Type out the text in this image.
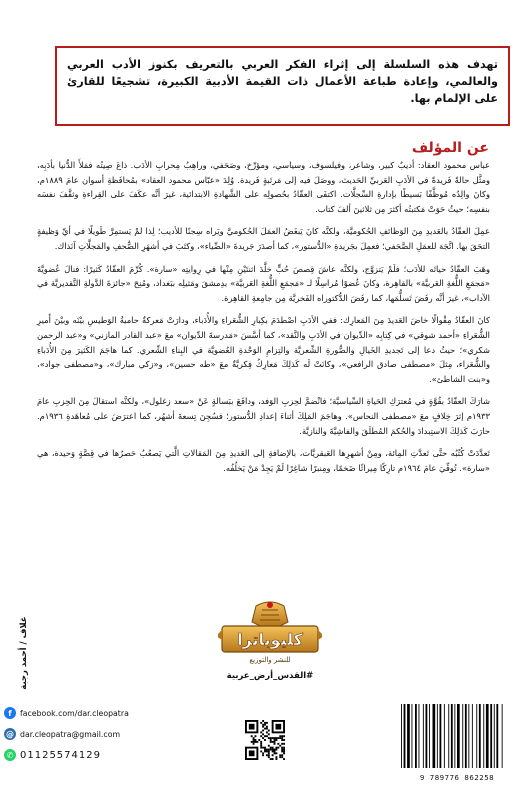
تهدف هذه السلسلة إلى إثراء الفكر العربي بالتعريف بكنوز الأدب العربي والعالمي، وإعادة طباعة الأعمال ذات القيمة الأدبية الكبيرة، تشجيعًا للقارئ على الإلمام بها.
عن المؤلف

عباس محمود العقاد: أديبٌ كبير، وشاعر، وفيلسوف، وسياسي، ومؤرِّخ، وصَحَفي، وراهِبُ مِحرابِ الأدَب. ذاعَ صِيتُه فمَلأَ الدُّنيا بأدَبِه، ومثَّل حالةً فَريدةً في الأدَبِ العَربيِّ الحَديث، ووصَلَ فيه إلى مَرتَبةٍ فَريدة. وُلِدَ «عبّاس محمود العقاد» بمُحافَظةِ أسوان عامَ ١٨٨٩م، وكانَ والِدُه مُوظَّفًا بَسيطًا بإدارةِ السِّجلَّات. اكتفَى العقّادُ بحُصولِه على الشَّهادةِ الابتدائية، غيرَ أنَّه عكَفَ على القِراءةِ وثقَّفَ نفسَه بنفسِه؛ حيثُ حَوَتْ مَكتبتُه أكثرَ مِن ثلاثينَ ألفَ كتاب.

عمِلَ العقّادُ بالعَديدِ مِنَ الوَظائفِ الحُكوميَّة، ولكنَّه كانَ يَبغَضُ العمَلَ الحُكوميَّ ويَراه سِجنًا للأديب؛ لِذا لمْ يَستمِرَّ طَويلًا في أيِّ وَظيفةٍ التحَقَ بها. اتَّجَهَ للعمَلِ الصَّحَفي؛ فعمِلَ بجَريدةِ «الدُّستور»، كما أصدَرَ جَريدةَ «الضِّياء»، وكتَبَ في أشهَرِ الصُّحفِ والمَجلَّاتِ آنَذاك.

وهَبَ العقّادُ حياتَه للأدَب؛ فلَمْ يَتزوَّج، ولكنَّه عاشَ قِصصَ حُبٍّ خلَّدَ اثنتَيْنِ مِنْها في رِوايتِه «سارة». كُرِّمَ العقّادُ كَثيرًا: فنالَ عُضويَّةَ «مَجمَعِ اللُّغةِ العَربيَّة» بالقاهِرة، وكانَ عُضوًا مُراسِلًا لـ «مَجمَعِ اللُّغةِ العَربيَّة» بدِمشقَ ومَثيلِه ببَغداد، ومُنِحَ «جائزةَ الدَّولةِ التَّقديريَّة في الآداب»، غيرَ أنَّه رفَضَ تَسلُّمَها، كما رفَضَ الدُّكتوراه الفَخريَّة مِن جامِعةِ القاهِرة.

كانَ العقّادُ مِقْوالًا خاضَ العَديدَ مِنَ المَعارِك: ففي الأدَبِ اصْطدَمَ بكِبارِ الشُّعَراءِ والأُدَباء، ودارَتْ مَعركةٌ حاميةُ الوَطيسِ بيْنَه وبيْنَ أَميرِ الشُّعَراءِ «أحمد شوقي» في كِتابِه «الدِّيوان في الأدَبِ والنَّقد»، كما أسَّسَ «مَدرسةَ الدِّيوان» معَ «عبد القادر المازني» و«عبد الرحمن شكري»؛ حيثُ دعا إلى تَجديدِ الخَيالِ والصُّورةِ الشِّعريَّة والتِزامِ الوَحْدةِ العُضويَّة في البِناءِ الشِّعري. كما هاجَمَ الكَثيرَ مِنَ الأُدَباءِ والشُّعَراء، مِثلَ «مصطفى صادق الرافعي»، وكانَتْ لَه كَذلِكَ مَعارِكُ فِكريَّةٌ معَ «طه حسين»، و«زكي مبارك»، و«مصطفى جواد»، و«بنت الشاطئ».

شارَكَ العقّادُ بقُوَّةٍ في مُعترَكِ الحَياةِ السِّياسيَّة؛ فانْضمَّ لحِزبِ الوَفد، ودافَعَ ببَسالةٍ عَنْ «سعد زغلول»، ولكنَّه استقالَ مِنَ الحِزبِ عامَ ١٩٣٣م إثرَ خِلافٍ معَ «مصطفى النحاس». وهاجَمَ المَلِكَ أثناءَ إعدادِ الدُّستور؛ فسُجِنَ تِسعةَ أشهُر، كما اعترَضَ على مُعاهَدةِ ١٩٣٦م. حارَبَ كَذلِكَ الاستِبدادَ والحُكمَ المُطلَقَ والفاشِيَّةَ والنازيَّة.

تَعدَّدَتْ كُتُبُه حتَّى تَعدَّتِ المِائة، ومِنْ أشهرِها العَبقريَّات، بالإضافةِ إلى العَديدِ مِنَ المَقالاتِ الَّتي يَصعُبُ حَصرُها في قِصَّةٍ وَحيدة، هي «سارة». تُوفِّيَ عامَ ١٩٦٤م تارِكًا مِيراثًا ضَخمًا، ومِنبرًا شاغِرًا لَمْ يَجِدْ مَنْ يَخلُفُه.

غلاف / أحمد رجبة	كليوباترا
للنشر والتوزيع
#القدس_أرض_عربية
f	facebook.com/dar.cleopatra
@ dar.cleopatra@gmail.com
✆ 01125574129
9 789776 862258
